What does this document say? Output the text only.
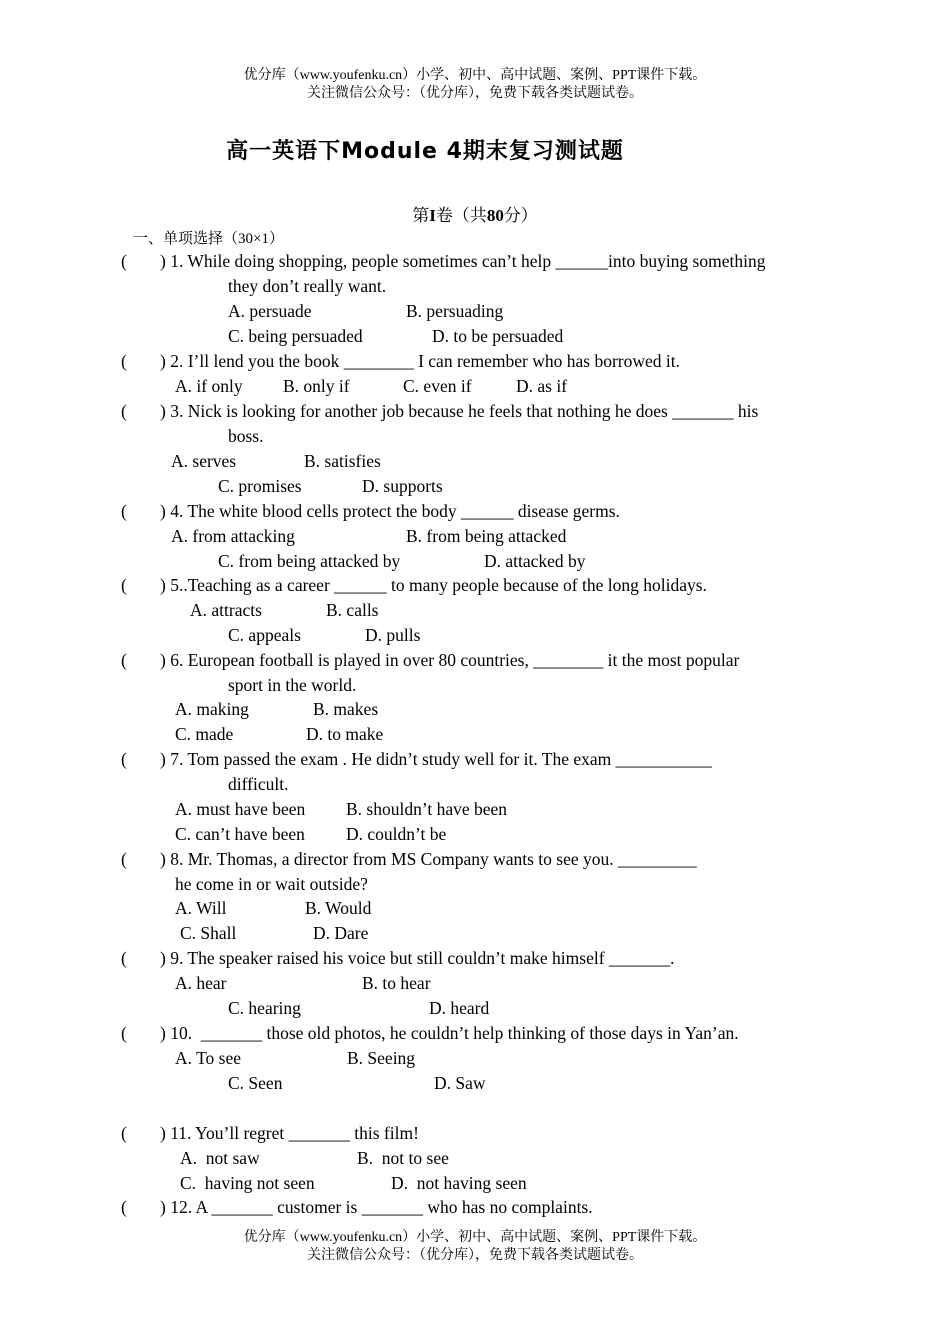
优分库（www.youfenku.cn）小学、初中、高中试题、案例、PPT课件下载。
关注微信公众号：（优分库），免费下载各类试题试卷。
高一英语下Module 4期末复习测试题
第I卷（共80分）
一、单项选择（30×1）
( ) 1. While doing shopping, people sometimes can’t help ______into buying something
they don’t really want.
A. persuade	B. persuading
C. being persuaded	D. to be persuaded
( ) 2. I’ll lend you the book ________ I can remember who has borrowed it.
A. if only B. only if	C. even if	D. as if
( ) 3. Nick is looking for another job because he feels that nothing he does _______ his
boss.
A. serves	B. satisfies
C. promises	D. supports
( ) 4. The white blood cells protect the body ______ disease germs.
A. from attacking	B. from being attacked
C. from being attacked by	D. attacked by
( ) 5..Teaching as a career ______ to many people because of the long holidays.
A. attracts	B. calls
C. appeals	D. pulls
( ) 6. European football is played in over 80 countries, ________ it the most popular
sport in the world.
A. making	B. makes
C. made	D. to make
( ) 7. Tom passed the exam . He didn’t study well for it. The exam ___________
difficult.
A. must have been B. shouldn’t have been
C. can’t have been D. couldn’t be
( ) 8. Mr. Thomas, a director from MS Company wants to see you. _________
he come in or wait outside?
A. Will	B. Would
C. Shall	D. Dare
( ) 9. The speaker raised his voice but still couldn’t make himself _______.
A. hear	B. to hear
C. hearing	D. heard
( ) 10.  _______ those old photos, he couldn’t help thinking of those days in Yan’an.
A. To see	B. Seeing
C. Seen	D. Saw
( ) 11. You’ll regret _______ this film!
A.  not saw	B.  not to see
C.  having not seen	D.  not having seen
( ) 12. A _______ customer is _______ who has no complaints.
优分库（www.youfenku.cn）小学、初中、高中试题、案例、PPT课件下载。
关注微信公众号：（优分库），免费下载各类试题试卷。
